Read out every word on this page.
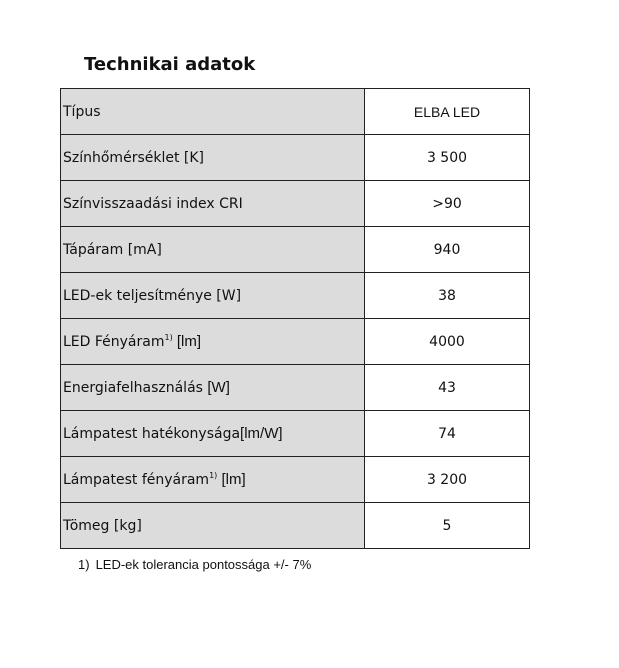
Technikai adatok
Típus	ELBA LED
Színhőmérséklet [K]	3 500
Színvisszaadási index CRI	>90
Tápáram [mA]	940
LED-ek teljesítménye [W]	38
LED Fényáram$^{1)}$ [lm]	4000
Energiafelhasználás [W]	43
Lámpatest hatékonysága[lm/W]	74
Lámpatest fényáram$^{1)}$ [lm]	3 200
Tömeg [kg]	5
1) LED-ek tolerancia pontossága +/- 7%
